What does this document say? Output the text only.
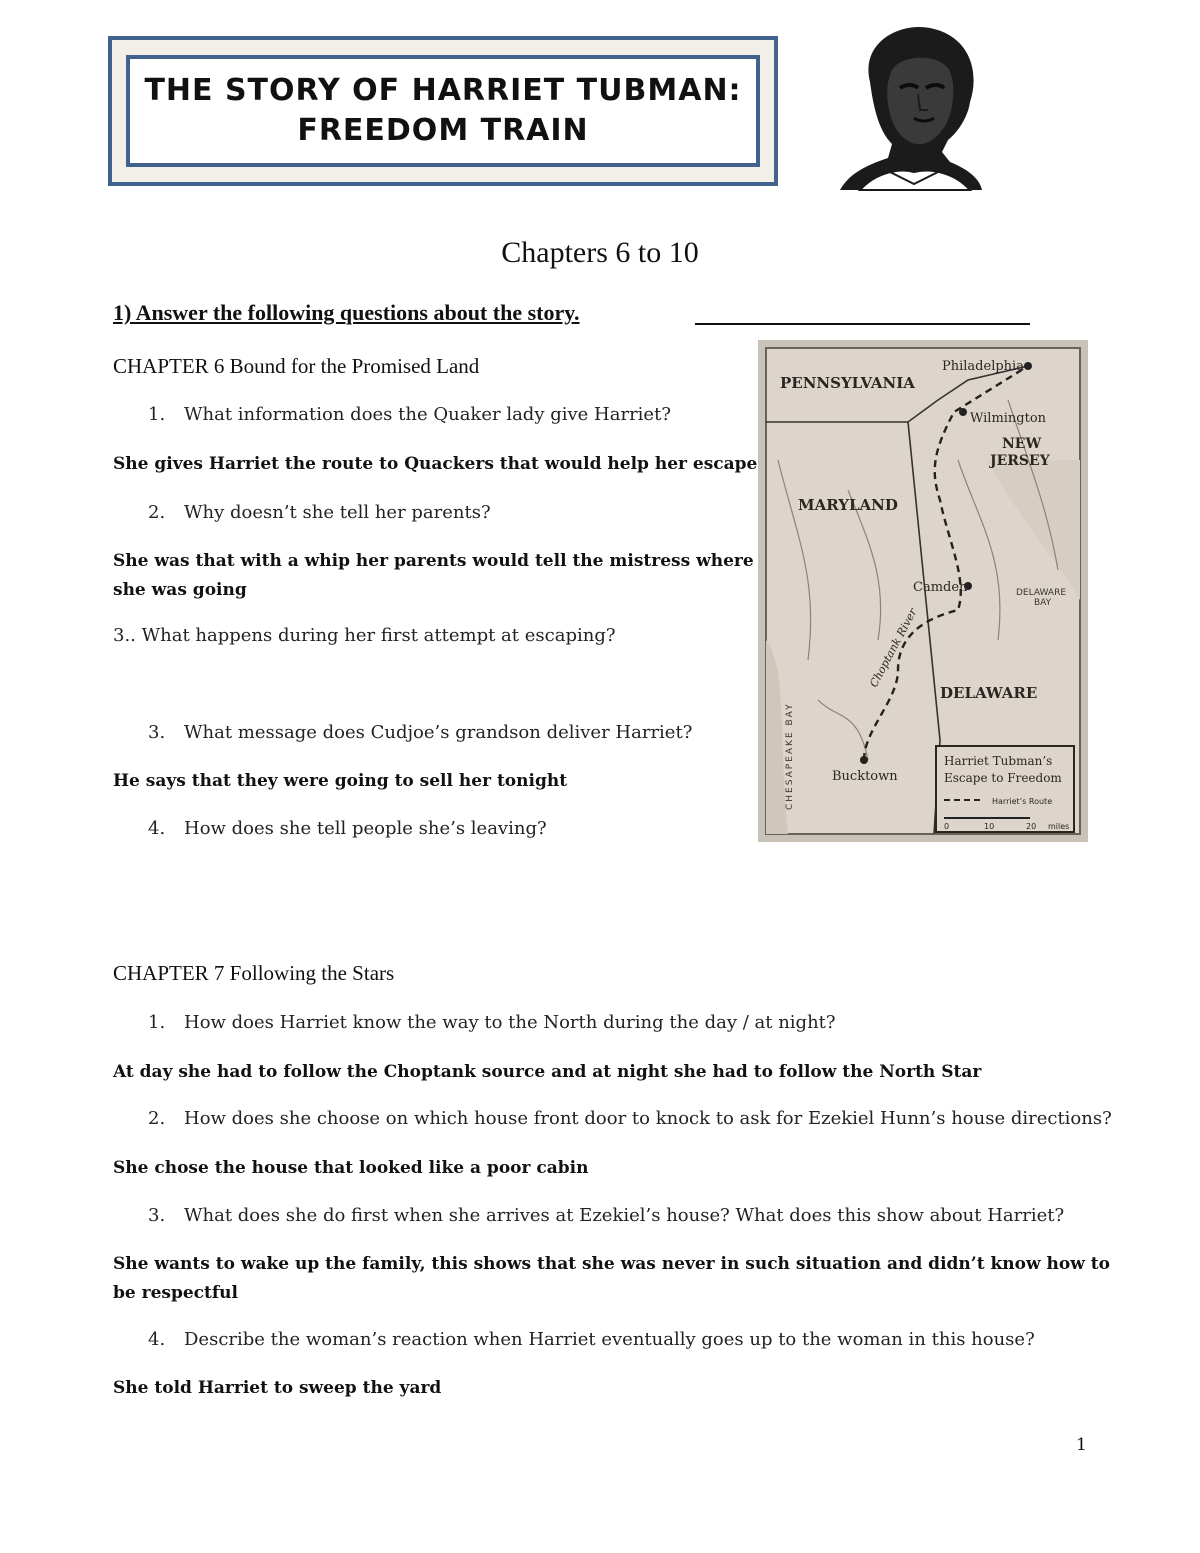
THE STORY OF HARRIET TUBMAN:
FREEDOM TRAIN
Chapters 6 to 10
1) Answer the following questions about the story.
CHAPTER 6 Bound for the Promised Land
1. What information does the Quaker lady give Harriet?
She gives Harriet the route to Quackers that would help her escape
2. Why doesn’t she tell her parents?
She was that with a whip her parents would tell the mistress where
she was going
3.. What happens during her first attempt at escaping?
3. What message does Cudjoe’s grandson deliver Harriet?
He says that they were going to sell her tonight
4. How does she tell people she’s leaving?
PENNSYLVANIA
Philadelphia
Wilmington
NEW
JERSEY
MARYLAND
Camden	DELAWARE
BAY
Choptank River
DELAWARE
CHESAPEAKE BAY	Bucktown
Harriet Tubman’s
Escape to Freedom
Harriet’s Route
0	10	20 miles
CHAPTER 7 Following the Stars
1. How does Harriet know the way to the North during the day / at night?
At day she had to follow the Choptank source and at night she had to follow the North Star
2. How does she choose on which house front door to knock to ask for Ezekiel Hunn’s house directions?
She chose the house that looked like a poor cabin
3. What does she do first when she arrives at Ezekiel’s house? What does this show about Harriet?
She wants to wake up the family, this shows that she was never in such situation and didn’t know how to
be respectful
4. Describe the woman’s reaction when Harriet eventually goes up to the woman in this house?
She told Harriet to sweep the yard
1
